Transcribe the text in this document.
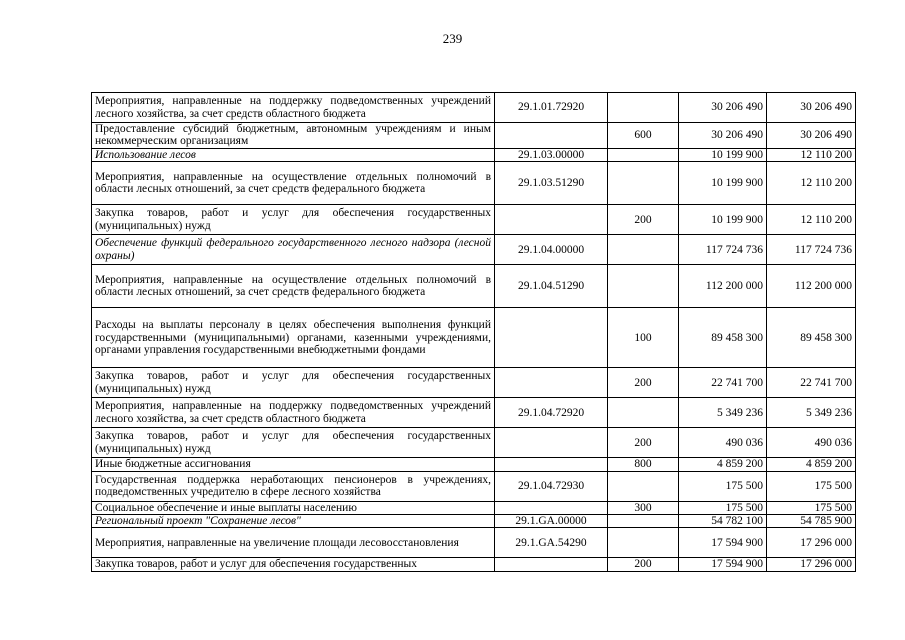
239
Мероприятия, направленные на поддержку подведомственных учреждений лесного хозяйства, за счет средств областного бюджета	29.1.01.72920		30 206 490	30 206 490
Предоставление субсидий бюджетным, автономным учреждениям и иным некоммерческим организациям		600	30 206 490	30 206 490
Использование лесов	29.1.03.00000		10 199 900	12 110 200
Мероприятия, направленные на осуществление отдельных полномочий в области лесных отношений, за счет средств федерального бюджета	29.1.03.51290		10 199 900	12 110 200
Закупка товаров, работ и услуг для обеспечения государственных (муниципальных) нужд		200	10 199 900	12 110 200
Обеспечение функций федерального государственного лесного надзора (лесной охраны)	29.1.04.00000		117 724 736	117 724 736
Мероприятия, направленные на осуществление отдельных полномочий в области лесных отношений, за счет средств федерального бюджета	29.1.04.51290		112 200 000	112 200 000
Расходы на выплаты персоналу в целях обеспечения выполнения функций государственными (муниципальными) органами, казенными учреждениями, органами управления государственными внебюджетными фондами		100	89 458 300	89 458 300
Закупка товаров, работ и услуг для обеспечения государственных (муниципальных) нужд		200	22 741 700	22 741 700
Мероприятия, направленные на поддержку подведомственных учреждений лесного хозяйства, за счет средств областного бюджета	29.1.04.72920		5 349 236	5 349 236
Закупка товаров, работ и услуг для обеспечения государственных (муниципальных) нужд		200	490 036	490 036
Иные бюджетные ассигнования		800	4 859 200	4 859 200
Государственная поддержка неработающих пенсионеров в учреждениях, подведомственных учредителю в сфере лесного хозяйства	29.1.04.72930		175 500	175 500
Социальное обеспечение и иные выплаты населению		300	175 500	175 500
Региональный проект "Сохранение лесов"	29.1.GA.00000		54 782 100	54 785 900
Мероприятия, направленные на увеличение площади лесовосстановления	29.1.GA.54290		17 594 900	17 296 000
Закупка товаров, работ и услуг для обеспечения государственных		200	17 594 900	17 296 000
